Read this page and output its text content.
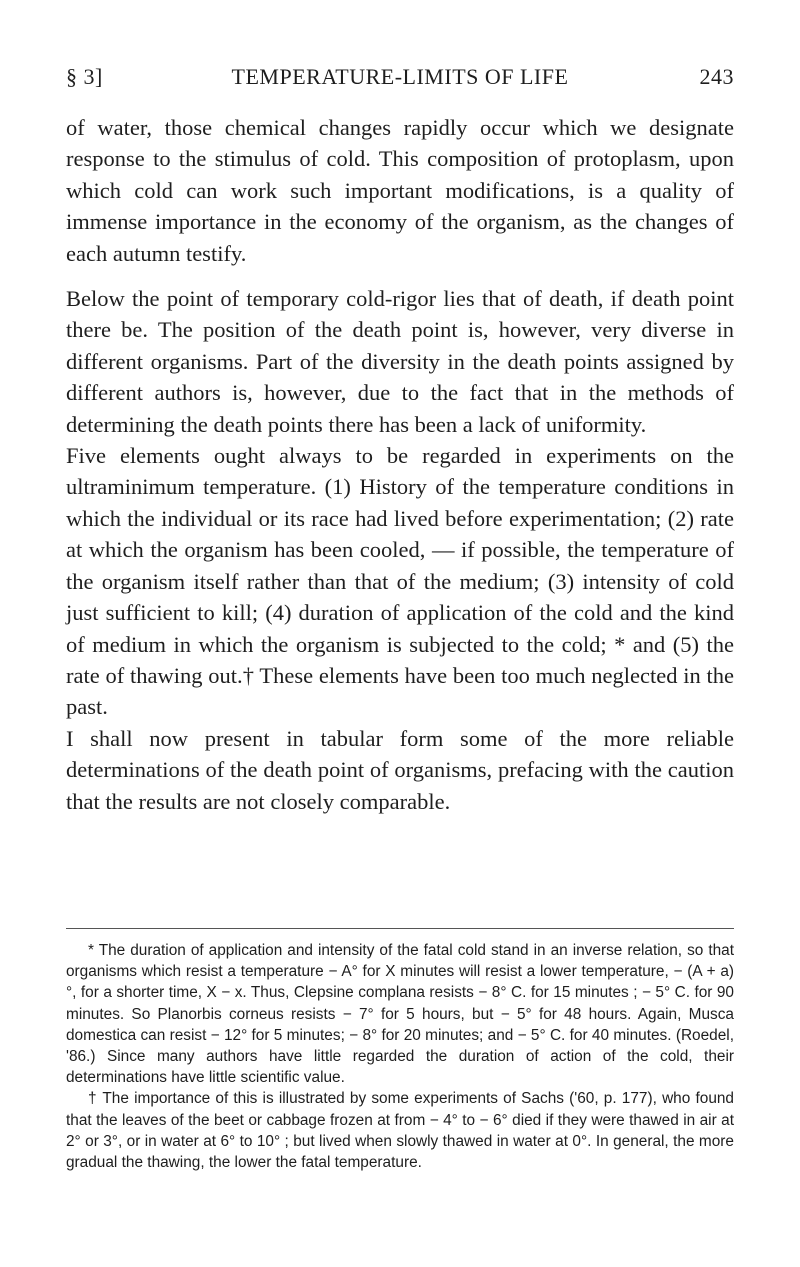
§ 3]	TEMPERATURE-LIMITS OF LIFE	243

of water, those chemical changes rapidly occur which we designate response to the stimulus of cold. This composition of protoplasm, upon which cold can work such important modifications, is a quality of immense importance in the economy of the organism, as the changes of each autumn testify.

Below the point of temporary cold-rigor lies that of death, if death point there be. The position of the death point is, however, very diverse in different organisms. Part of the diversity in the death points assigned by different authors is, however, due to the fact that in the methods of determining the death points there has been a lack of uniformity.

Five elements ought always to be regarded in experiments on the ultraminimum temperature. (1) History of the temperature conditions in which the individual or its race had lived before experimentation; (2) rate at which the organism has been cooled, — if possible, the temperature of the organism itself rather than that of the medium; (3) intensity of cold just sufficient to kill; (4) duration of application of the cold and the kind of medium in which the organism is subjected to the cold; * and (5) the rate of thawing out.† These elements have been too much neglected in the past.

I shall now present in tabular form some of the more reliable determinations of the death point of organisms, prefacing with the caution that the results are not closely comparable.

* The duration of application and intensity of the fatal cold stand in an inverse relation, so that organisms which resist a temperature − A° for X minutes will resist a lower temperature, − (A + a)°, for a shorter time, X − x. Thus, Clepsine complana resists − 8° C. for 15 minutes ; − 5° C. for 90 minutes. So Planorbis corneus resists − 7° for 5 hours, but − 5° for 48 hours. Again, Musca domestica can resist − 12° for 5 minutes; − 8° for 20 minutes; and − 5° C. for 40 minutes. (Roedel, '86.) Since many authors have little regarded the duration of action of the cold, their determinations have little scientific value.

† The importance of this is illustrated by some experiments of Sachs ('60, p. 177), who found that the leaves of the beet or cabbage frozen at from − 4° to − 6° died if they were thawed in air at 2° or 3°, or in water at 6° to 10° ; but lived when slowly thawed in water at 0°. In general, the more gradual the thawing, the lower the fatal temperature.
